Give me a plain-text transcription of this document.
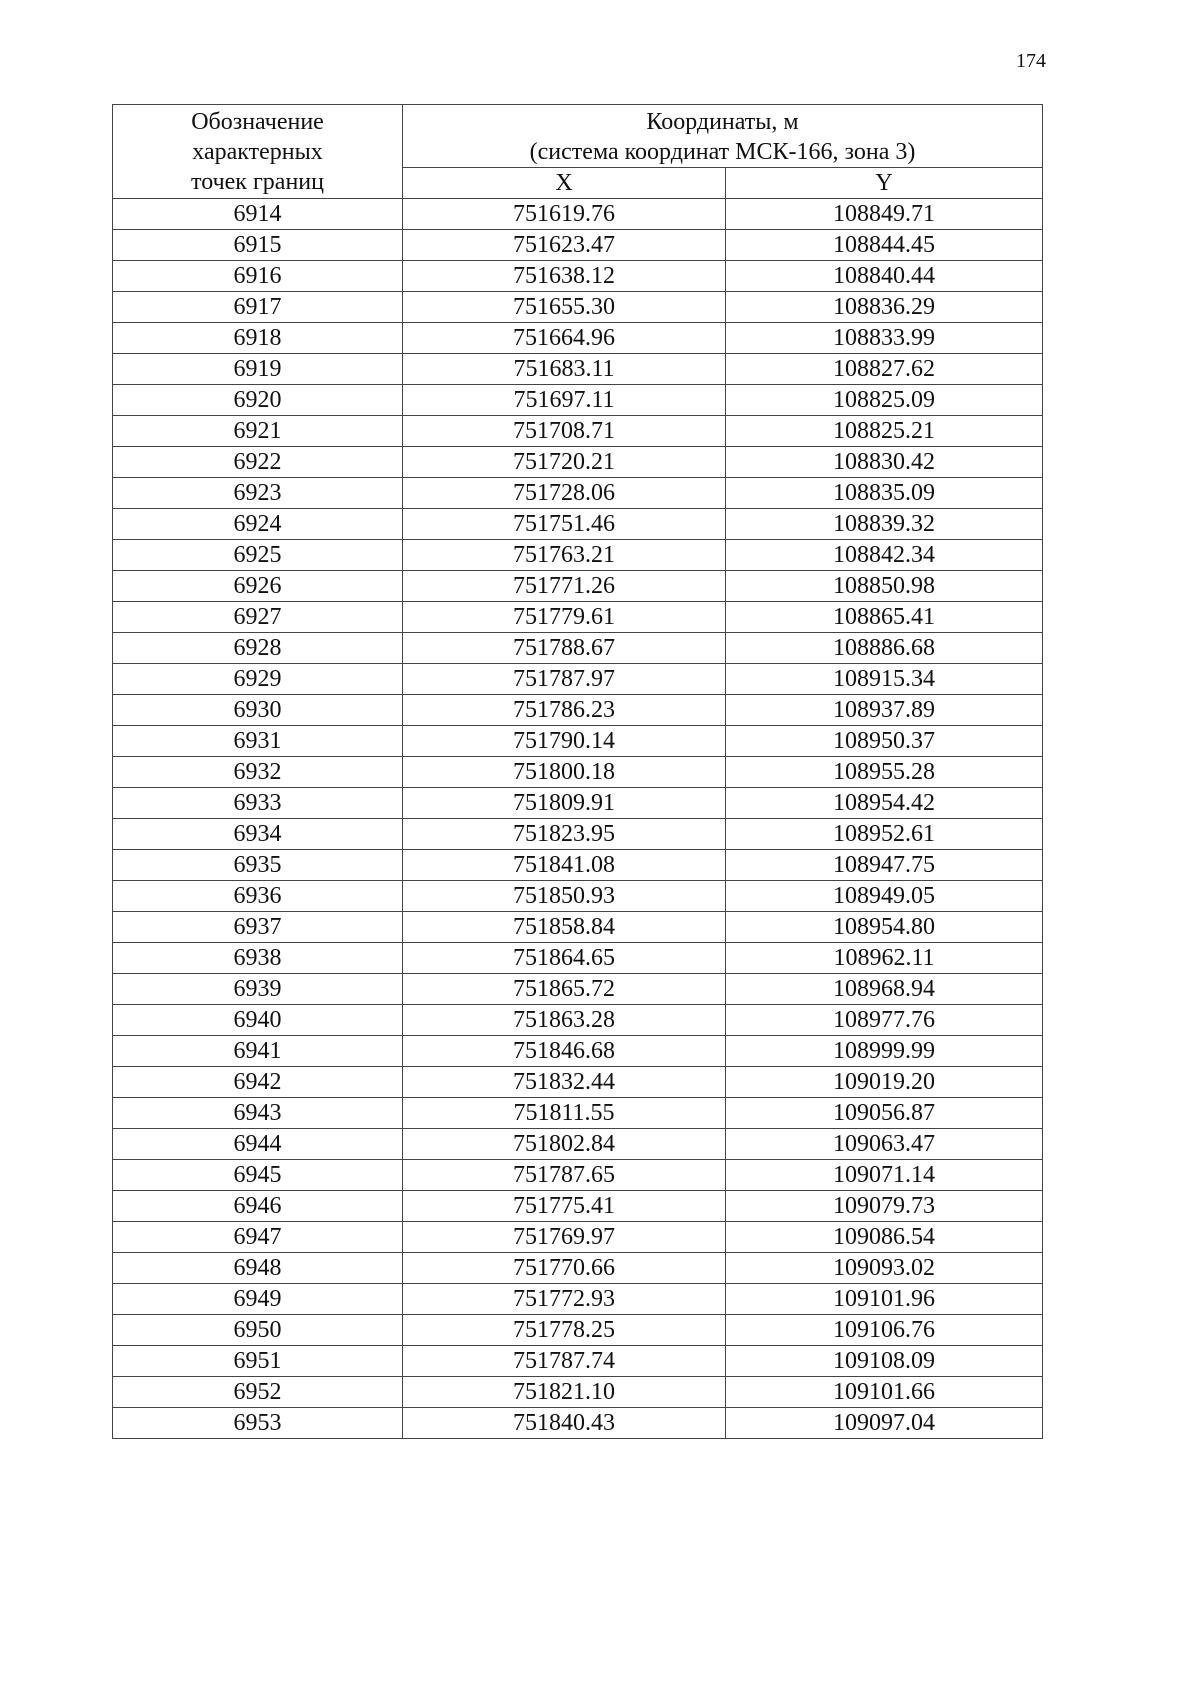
174
Обозначение
характерных
точек границ	Координаты, м
(система координат МСК-166, зона 3)	

	X	Y
6914	751619.76	108849.71
6915	751623.47	108844.45
6916	751638.12	108840.44
6917	751655.30	108836.29
6918	751664.96	108833.99
6919	751683.11	108827.62
6920	751697.11	108825.09
6921	751708.71	108825.21
6922	751720.21	108830.42
6923	751728.06	108835.09
6924	751751.46	108839.32
6925	751763.21	108842.34
6926	751771.26	108850.98
6927	751779.61	108865.41
6928	751788.67	108886.68
6929	751787.97	108915.34
6930	751786.23	108937.89
6931	751790.14	108950.37
6932	751800.18	108955.28
6933	751809.91	108954.42
6934	751823.95	108952.61
6935	751841.08	108947.75
6936	751850.93	108949.05
6937	751858.84	108954.80
6938	751864.65	108962.11
6939	751865.72	108968.94
6940	751863.28	108977.76
6941	751846.68	108999.99
6942	751832.44	109019.20
6943	751811.55	109056.87
6944	751802.84	109063.47
6945	751787.65	109071.14
6946	751775.41	109079.73
6947	751769.97	109086.54
6948	751770.66	109093.02
6949	751772.93	109101.96
6950	751778.25	109106.76
6951	751787.74	109108.09
6952	751821.10	109101.66
6953	751840.43	109097.04
